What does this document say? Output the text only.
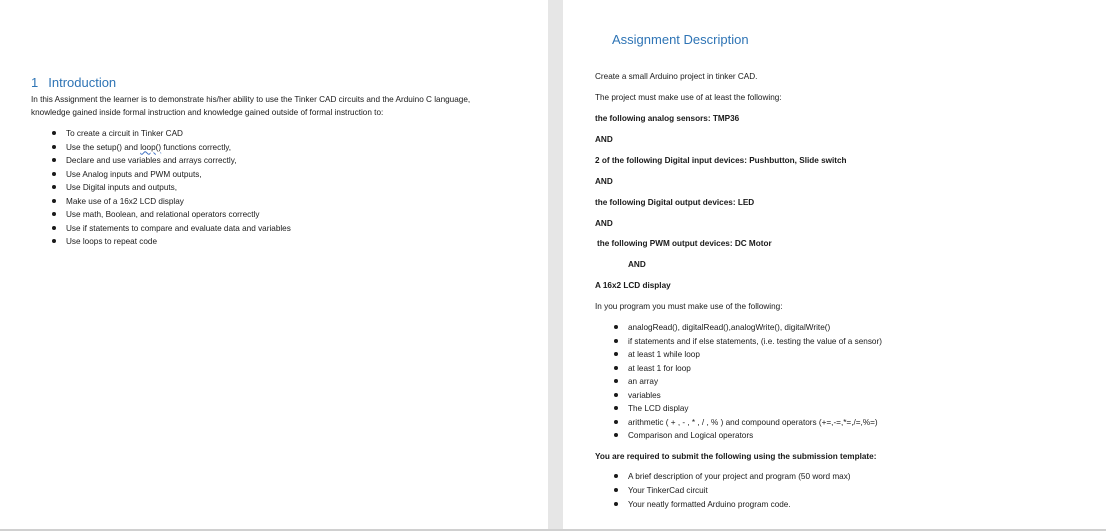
1 Introduction
In this Assignment the learner is to demonstrate his/her ability to use the Tinker CAD circuits and the Arduino C language, knowledge gained inside formal instruction and knowledge gained outside of formal instruction to:
To create a circuit in Tinker CAD
Use the setup() and loop() functions correctly,
Declare and use variables and arrays correctly,
Use Analog inputs and PWM outputs,
Use Digital inputs and outputs,
Make use of a 16x2 LCD display
Use math, Boolean, and relational operators correctly
Use if statements to compare and evaluate data and variables
Use loops to repeat code
Assignment Description
Create a small Arduino project in tinker CAD.
The project must make use of at least the following:
the following analog sensors: TMP36
AND
2 of the following Digital input devices: Pushbutton, Slide switch
AND
the following Digital output devices: LED
AND
the following PWM output devices: DC Motor
AND
A 16x2 LCD display
In you program you must make use of the following:
analogRead(), digitalRead(),analogWrite(), digitalWrite()
if statements and if else statements, (i.e. testing the value of a sensor)
at least 1 while loop
at least 1 for loop
an array
variables
The LCD display
arithmetic ( + , - , * , / , % ) and compound operators (+=,-=,*=,/=,%=)
Comparison and Logical operators
You are required to submit the following using the submission template:
A brief description of your project and program (50 word max)
Your TinkerCad circuit
Your neatly formatted Arduino program code.
